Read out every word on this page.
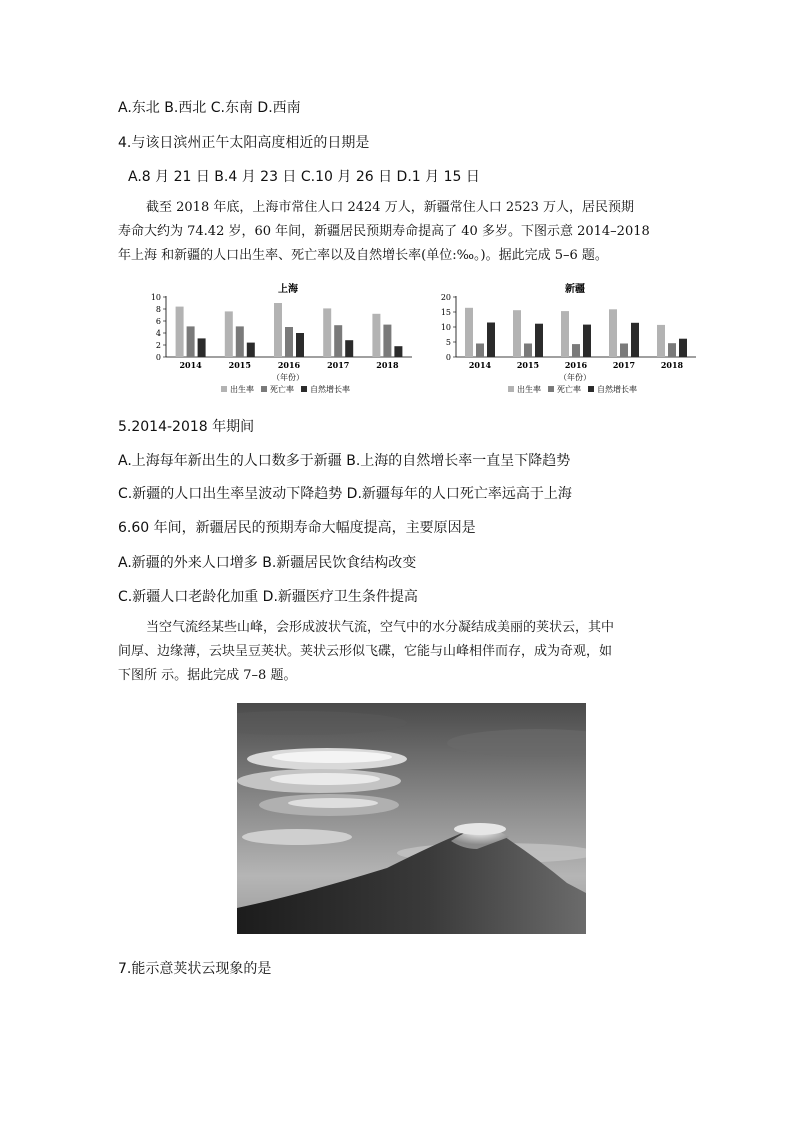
A.东北 B.西北 C.东南 D.西南
4.与该日滨州正午太阳高度相近的日期是
A.8 月 21 日 B.4 月 23 日 C.10 月 26 日 D.1 月 15 日

截至 2018 年底，上海市常住人口 2424 万人，新疆常住人口 2523 万人，居民预期

寿命大约为 74.42 岁，60 年间，新疆居民预期寿命提高了 40 多岁。下图示意 2014–2018

年上海 和新疆的人口出生率、死亡率以及自然增长率(单位:‰。)。据此完成 5–6 题。

上海
0
2
4
6
8
10
2014	2015	2016	2017	2018
（年份）
出生率 死亡率 自然增长率
新疆
0
5
10
15
20
2014	2015	2016	2017	2018
（年份）
出生率 死亡率 自然增长率
5.2014-2018 年期间
A.上海每年新出生的人口数多于新疆 B.上海的自然增长率一直呈下降趋势
C.新疆的人口出生率呈波动下降趋势 D.新疆每年的人口死亡率远高于上海
6.60 年间，新疆居民的预期寿命大幅度提高，主要原因是
A.新疆的外来人口增多 B.新疆居民饮食结构改变
C.新疆人口老龄化加重 D.新疆医疗卫生条件提高

当空气流经某些山峰，会形成波状气流，空气中的水分凝结成美丽的荚状云，其中

间厚、边缘薄，云块呈豆荚状。荚状云形似飞碟，它能与山峰相伴而存，成为奇观，如

下图所 示。据此完成 7–8 题。

7.能示意荚状云现象的是
